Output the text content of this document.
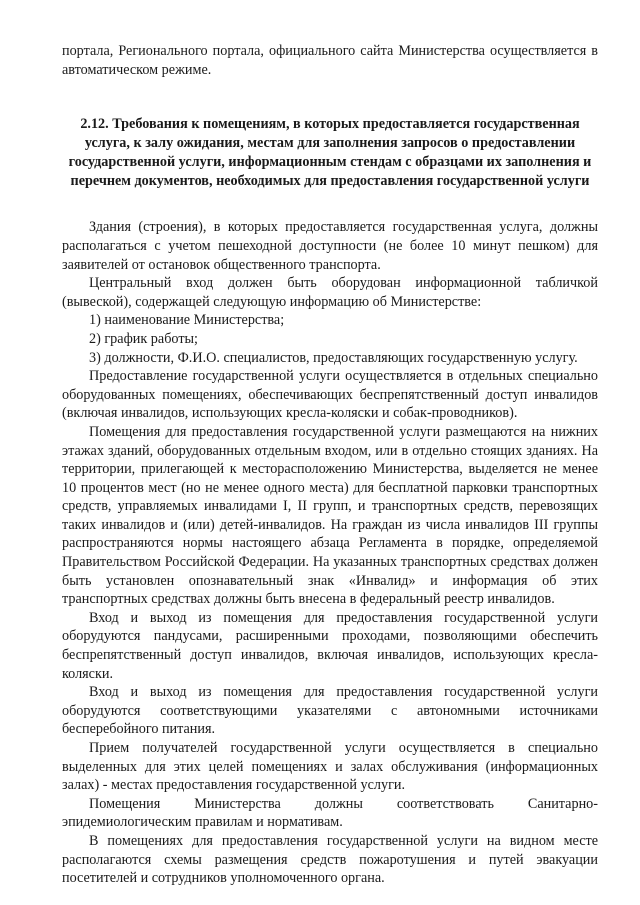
портала, Регионального портала, официального сайта Министерства осуществляется в автоматическом режиме.

2.12. Требования к помещениям, в которых предоставляется государственная услуга, к залу ожидания, местам для заполнения запросов о предоставлении государственной услуги, информационным стендам с образцами их заполнения и перечнем документов, необходимых для предоставления государственной услуги

Здания (строения), в которых предоставляется государственная услуга, должны располагаться с учетом пешеходной доступности (не более 10 минут пешком) для заявителей от остановок общественного транспорта.

Центральный вход должен быть оборудован информационной табличкой (вывеской), содержащей следующую информацию об Министерстве:

1) наименование Министерства;

2) график работы;

3) должности, Ф.И.О. специалистов, предоставляющих государственную услугу.

Предоставление государственной услуги осуществляется в отдельных специально оборудованных помещениях, обеспечивающих беспрепятственный доступ инвалидов (включая инвалидов, использующих кресла-коляски и собак-проводников).

Помещения для предоставления государственной услуги размещаются на нижних этажах зданий, оборудованных отдельным входом, или в отдельно стоящих зданиях. На территории, прилегающей к месторасположению Министерства, выделяется не менее 10 процентов мест (но не менее одного места) для бесплатной парковки транспортных средств, управляемых инвалидами I, II групп, и транспортных средств, перевозящих таких инвалидов и (или) детей-инвалидов. На граждан из числа инвалидов III группы распространяются нормы настоящего абзаца Регламента в порядке, определяемой Правительством Российской Федерации. На указанных транспортных средствах должен быть установлен опознавательный знак «Инвалид» и информация об этих транспортных средствах должны быть внесена в федеральный реестр инвалидов.

Вход и выход из помещения для предоставления государственной услуги оборудуются пандусами, расширенными проходами, позволяющими обеспечить беспрепятственный доступ инвалидов, включая инвалидов, использующих кресла-коляски.

Вход и выход из помещения для предоставления государственной услуги оборудуются соответствующими указателями с автономными источниками бесперебойного питания.

Прием получателей государственной услуги осуществляется в специально выделенных для этих целей помещениях и залах обслуживания (информационных залах) - местах предоставления государственной услуги.

Помещения Министерства должны соответствовать Санитарно-эпидемиологическим правилам и нормативам.

В помещениях для предоставления государственной услуги на видном месте располагаются схемы размещения средств пожаротушения и путей эвакуации посетителей и сотрудников уполномоченного органа.
